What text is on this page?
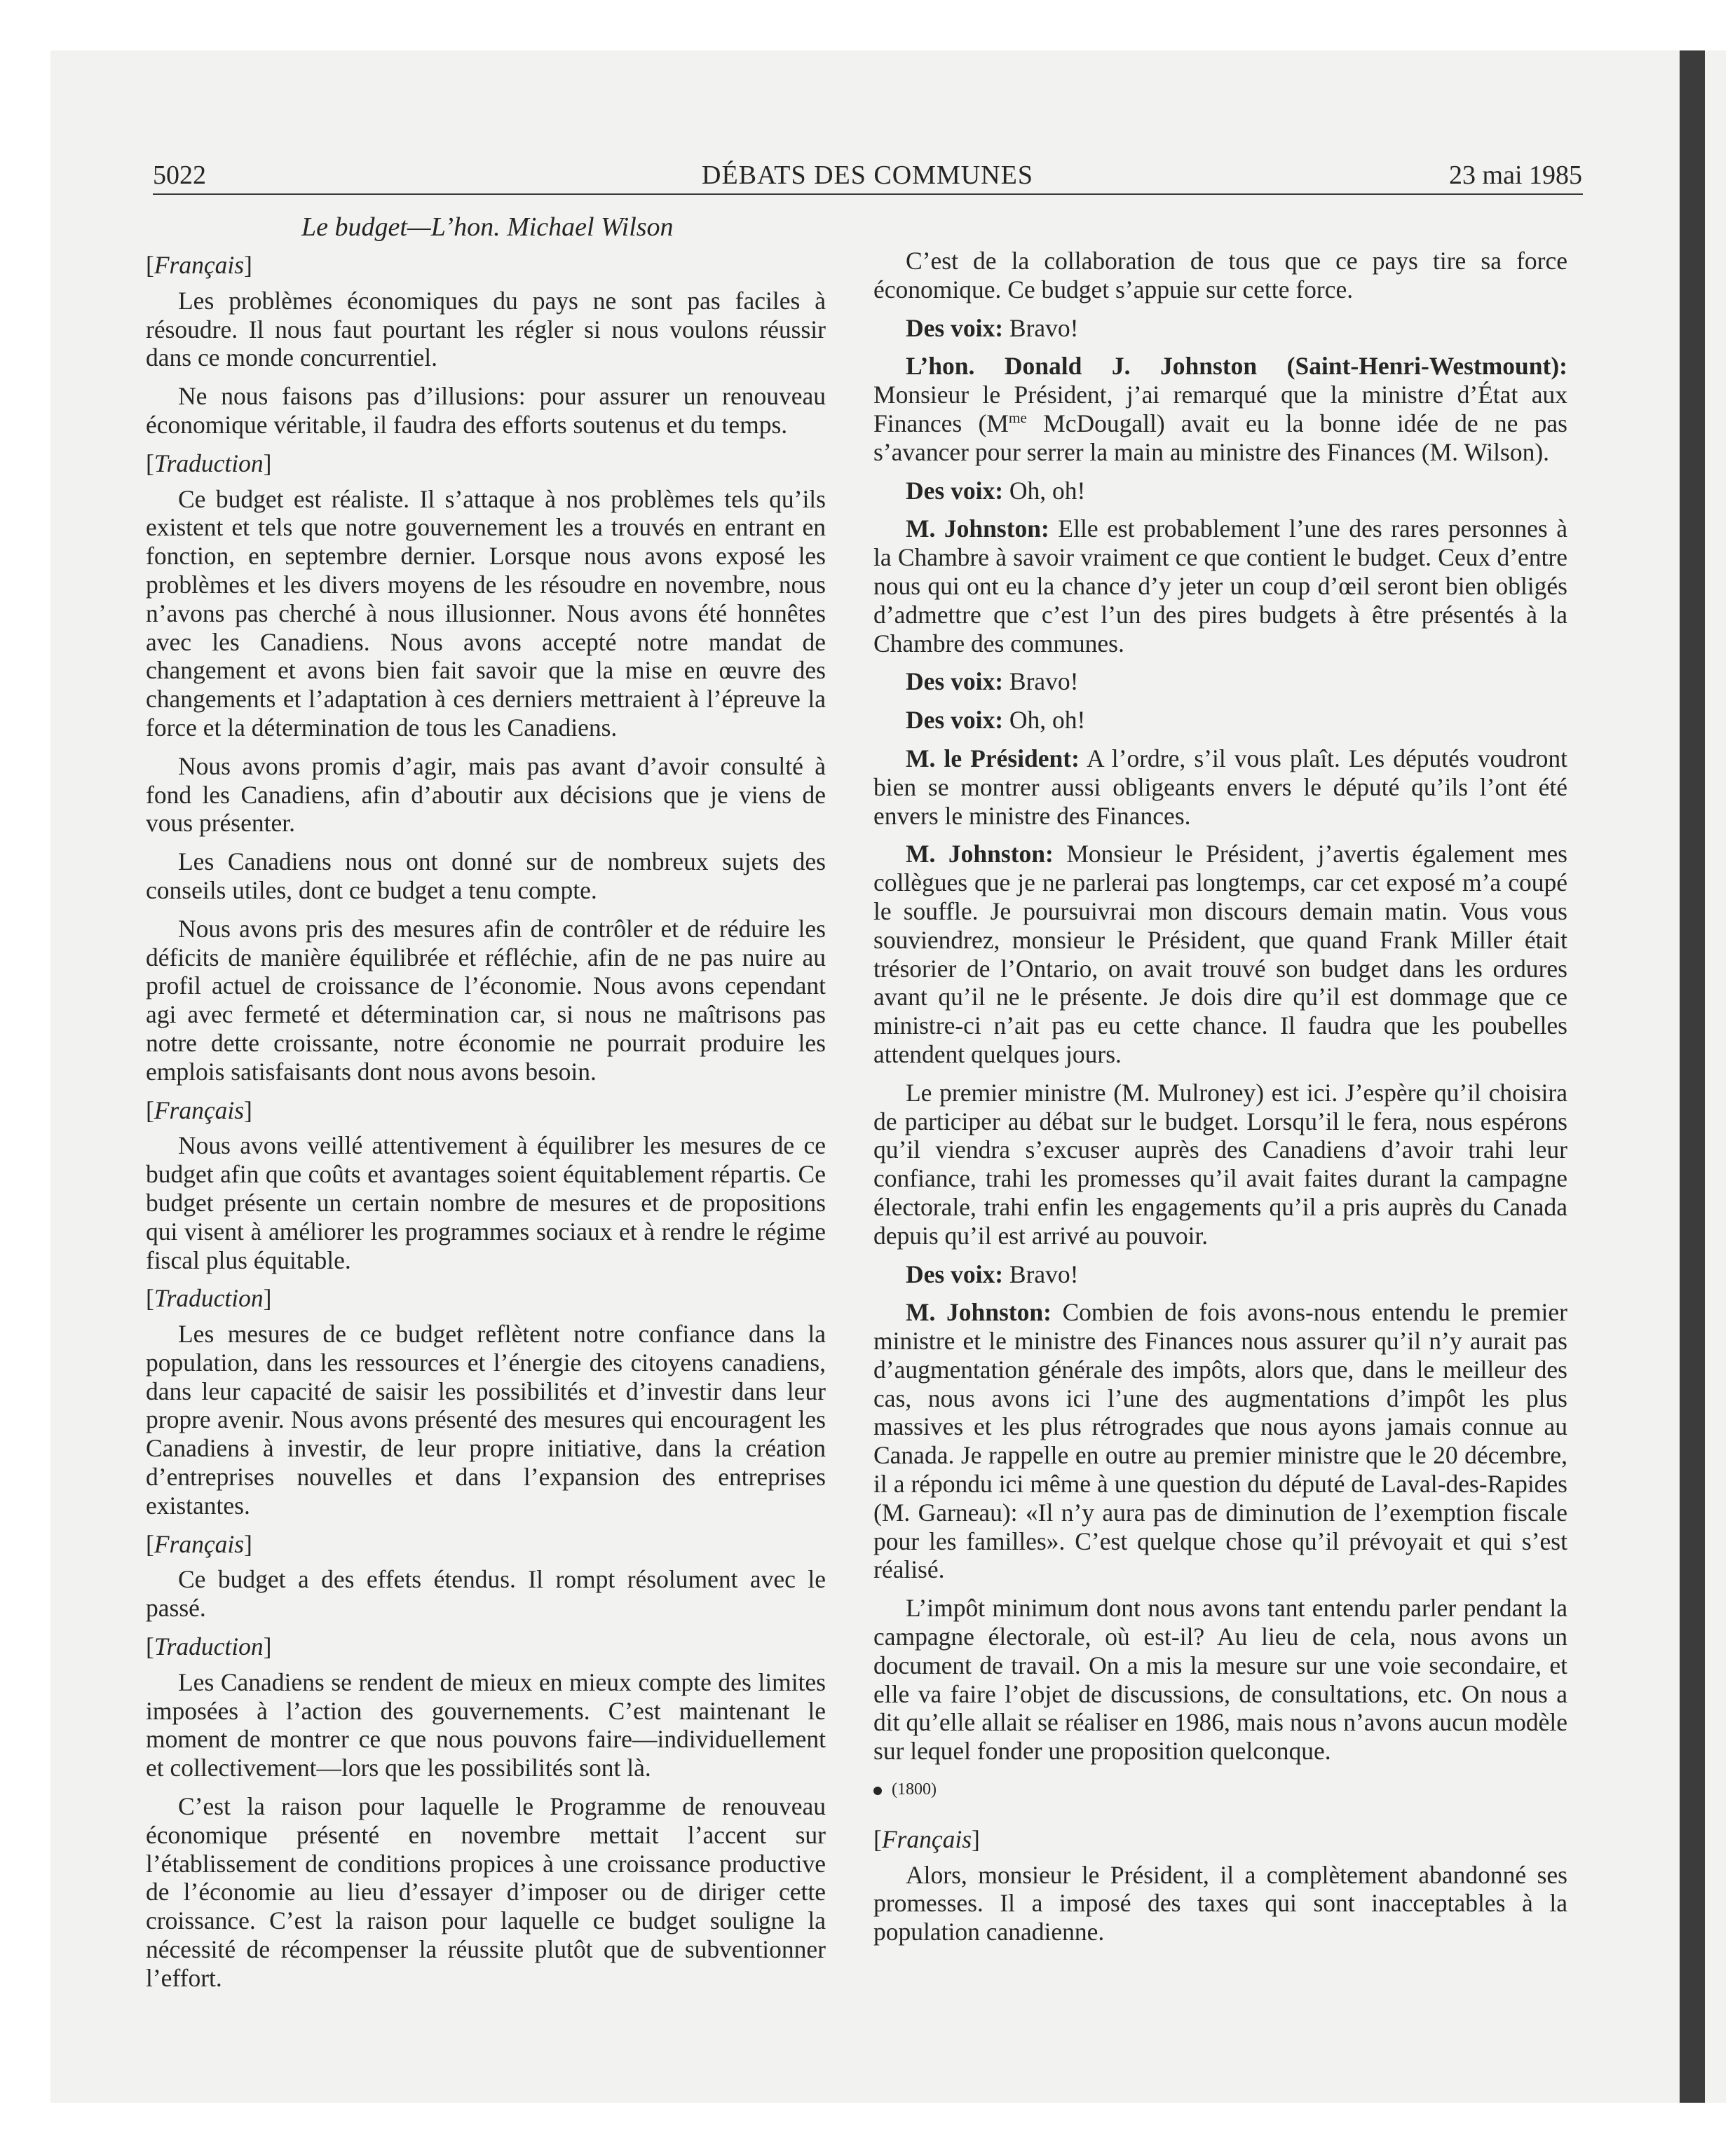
5022	DÉBATS DES COMMUNES	23 mai 1985
Le budget—L’hon. Michael Wilson

[Français]

Les problèmes économiques du pays ne sont pas faciles à résoudre. Il nous faut pourtant les régler si nous voulons réussir dans ce monde concurrentiel.

Ne nous faisons pas d’illusions: pour assurer un renouveau économique véritable, il faudra des efforts soutenus et du temps.

[Traduction]

Ce budget est réaliste. Il s’attaque à nos problèmes tels qu’ils existent et tels que notre gouvernement les a trouvés en entrant en fonction, en septembre dernier. Lorsque nous avons exposé les problèmes et les divers moyens de les résoudre en novembre, nous n’avons pas cherché à nous illusionner. Nous avons été honnêtes avec les Canadiens. Nous avons accepté notre mandat de changement et avons bien fait savoir que la mise en œuvre des changements et l’adaptation à ces derniers mettraient à l’épreuve la force et la détermination de tous les Canadiens.

Nous avons promis d’agir, mais pas avant d’avoir consulté à fond les Canadiens, afin d’aboutir aux décisions que je viens de vous présenter.

Les Canadiens nous ont donné sur de nombreux sujets des conseils utiles, dont ce budget a tenu compte.

Nous avons pris des mesures afin de contrôler et de réduire les déficits de manière équilibrée et réfléchie, afin de ne pas nuire au profil actuel de croissance de l’économie. Nous avons cependant agi avec fermeté et détermination car, si nous ne maîtrisons pas notre dette croissante, notre économie ne pourrait produire les emplois satisfaisants dont nous avons besoin.

[Français]

Nous avons veillé attentivement à équilibrer les mesures de ce budget afin que coûts et avantages soient équitablement répartis. Ce budget présente un certain nombre de mesures et de propositions qui visent à améliorer les programmes sociaux et à rendre le régime fiscal plus équitable.

[Traduction]

Les mesures de ce budget reflètent notre confiance dans la population, dans les ressources et l’énergie des citoyens canadiens, dans leur capacité de saisir les possibilités et d’investir dans leur propre avenir. Nous avons présenté des mesures qui encouragent les Canadiens à investir, de leur propre initiative, dans la création d’entreprises nouvelles et dans l’expansion des entreprises existantes.

[Français]

Ce budget a des effets étendus. Il rompt résolument avec le passé.

[Traduction]

Les Canadiens se rendent de mieux en mieux compte des limites imposées à l’action des gouvernements. C’est maintenant le moment de montrer ce que nous pouvons faire—individuellement et collectivement—lors que les possibilités sont là.

C’est la raison pour laquelle le Programme de renouveau économique présenté en novembre mettait l’accent sur l’établissement de conditions propices à une croissance productive de l’économie au lieu d’essayer d’imposer ou de diriger cette croissance. C’est la raison pour laquelle ce budget souligne la nécessité de récompenser la réussite plutôt que de subventionner l’effort.

C’est de la collaboration de tous que ce pays tire sa force économique. Ce budget s’appuie sur cette force.

Des voix: Bravo!

L’hon. Donald J. Johnston (Saint-Henri-Westmount): Monsieur le Président, j’ai remarqué que la ministre d’État aux Finances ($M^{me}$ McDougall) avait eu la bonne idée de ne pas s’avancer pour serrer la main au ministre des Finances (M. Wilson).

Des voix: Oh, oh!

M. Johnston: Elle est probablement l’une des rares personnes à la Chambre à savoir vraiment ce que contient le budget. Ceux d’entre nous qui ont eu la chance d’y jeter un coup d’œil seront bien obligés d’admettre que c’est l’un des pires budgets à être présentés à la Chambre des communes.

Des voix: Bravo!

Des voix: Oh, oh!

M. le Président: A l’ordre, s’il vous plaît. Les députés voudront bien se montrer aussi obligeants envers le député qu’ils l’ont été envers le ministre des Finances.

M. Johnston: Monsieur le Président, j’avertis également mes collègues que je ne parlerai pas longtemps, car cet exposé m’a coupé le souffle. Je poursuivrai mon discours demain matin. Vous vous souviendrez, monsieur le Président, que quand Frank Miller était trésorier de l’Ontario, on avait trouvé son budget dans les ordures avant qu’il ne le présente. Je dois dire qu’il est dommage que ce ministre-ci n’ait pas eu cette chance. Il faudra que les poubelles attendent quelques jours.

Le premier ministre (M. Mulroney) est ici. J’espère qu’il choisira de participer au débat sur le budget. Lorsqu’il le fera, nous espérons qu’il viendra s’excuser auprès des Canadiens d’avoir trahi leur confiance, trahi les promesses qu’il avait faites durant la campagne électorale, trahi enfin les engagements qu’il a pris auprès du Canada depuis qu’il est arrivé au pouvoir.

Des voix: Bravo!

M. Johnston: Combien de fois avons-nous entendu le premier ministre et le ministre des Finances nous assurer qu’il n’y aurait pas d’augmentation générale des impôts, alors que, dans le meilleur des cas, nous avons ici l’une des augmentations d’impôt les plus massives et les plus rétrogrades que nous ayons jamais connue au Canada. Je rappelle en outre au premier ministre que le 20 décembre, il a répondu ici même à une question du député de Laval-des-Rapides (M. Garneau): «Il n’y aura pas de diminution de l’exemption fiscale pour les familles». C’est quelque chose qu’il prévoyait et qui s’est réalisé.

L’impôt minimum dont nous avons tant entendu parler pendant la campagne électorale, où est-il? Au lieu de cela, nous avons un document de travail. On a mis la mesure sur une voie secondaire, et elle va faire l’objet de discussions, de consultations, etc. On nous a dit qu’elle allait se réaliser en 1986, mais nous n’avons aucun modèle sur lequel fonder une proposition quelconque.

(1800)

[Français]

Alors, monsieur le Président, il a complètement abandonné ses promesses. Il a imposé des taxes qui sont inacceptables à la population canadienne.
